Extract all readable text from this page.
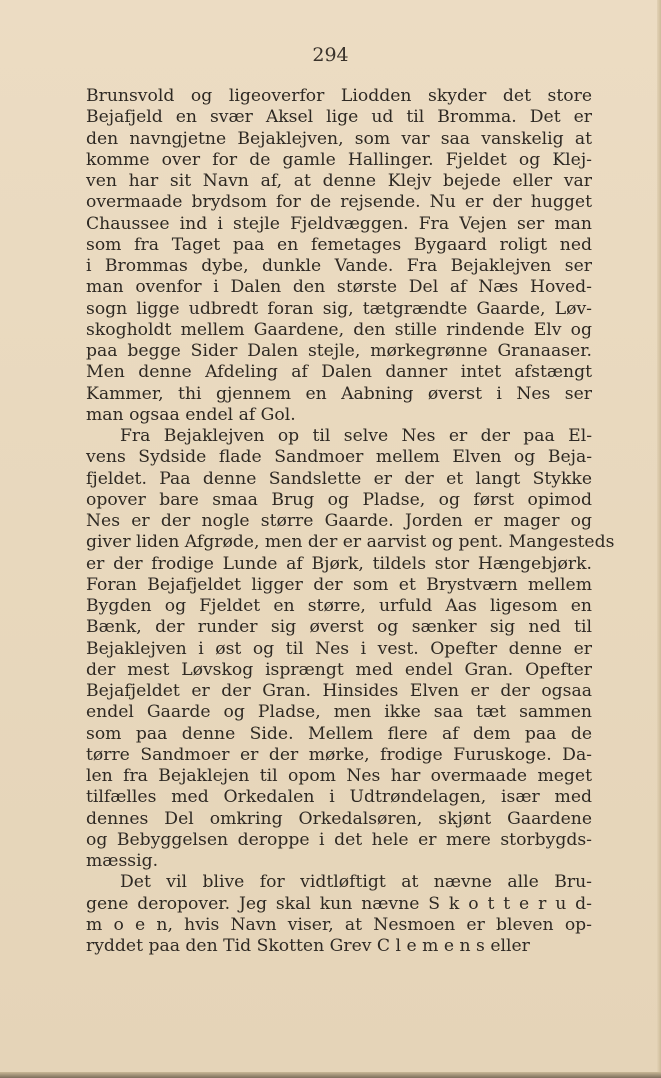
294
Brunsvold og ligeoverfor Liodden skyder det store
Bejafjeld en svær Aksel lige ud til Bromma. Det er
den navngjetne Bejaklejven, som var saa vanskelig at
komme over for de gamle Hallinger. Fjeldet og Klej-
ven har sit Navn af, at denne Klejv bejede eller var
overmaade brydsom for de rejsende. Nu er der hugget
Chaussee ind i stejle Fjeldvæggen. Fra Vejen ser man
som fra Taget paa en femetages Bygaard roligt ned
i Brommas dybe, dunkle Vande. Fra Bejaklejven ser
man ovenfor i Dalen den største Del af Næs Hoved-
sogn ligge udbredt foran sig, tætgrændte Gaarde, Løv-
skogholdt mellem Gaardene, den stille rindende Elv og
paa begge Sider Dalen stejle, mørkegrønne Granaaser.
Men denne Afdeling af Dalen danner intet afstængt
Kammer, thi gjennem en Aabning øverst i Nes ser
man ogsaa endel af Gol.
Fra Bejaklejven op til selve Nes er der paa El-
vens Sydside flade Sandmoer mellem Elven og Beja-
fjeldet. Paa denne Sandslette er der et langt Stykke
opover bare smaa Brug og Pladse, og først opimod
Nes er der nogle større Gaarde. Jorden er mager og
giver liden Afgrøde, men der er aarvist og pent. Mangesteds
er der frodige Lunde af Bjørk, tildels stor Hængebjørk.
Foran Bejafjeldet ligger der som et Brystværn mellem
Bygden og Fjeldet en større, urfuld Aas ligesom en
Bænk, der runder sig øverst og sænker sig ned til
Bejaklejven i øst og til Nes i vest. Opefter denne er
der mest Løvskog isprængt med endel Gran. Opefter
Bejafjeldet er der Gran. Hinsides Elven er der ogsaa
endel Gaarde og Pladse, men ikke saa tæt sammen
som paa denne Side. Mellem flere af dem paa de
tørre Sandmoer er der mørke, frodige Furuskoge. Da-
len fra Bejaklejen til opom Nes har overmaade meget
tilfælles med Orkedalen i Udtrøndelagen, især med
dennes Del omkring Orkedalsøren, skjønt Gaardene
og Bebyggelsen deroppe i det hele er mere storbygds-
mæssig.
Det vil blive for vidtløftigt at nævne alle Bru-
gene deropover. Jeg skal kun nævne S k o t t e r u d-
m o e n, hvis Navn viser, at Nesmoen er bleven op-
ryddet paa den Tid Skotten Grev C l e m e n s eller
